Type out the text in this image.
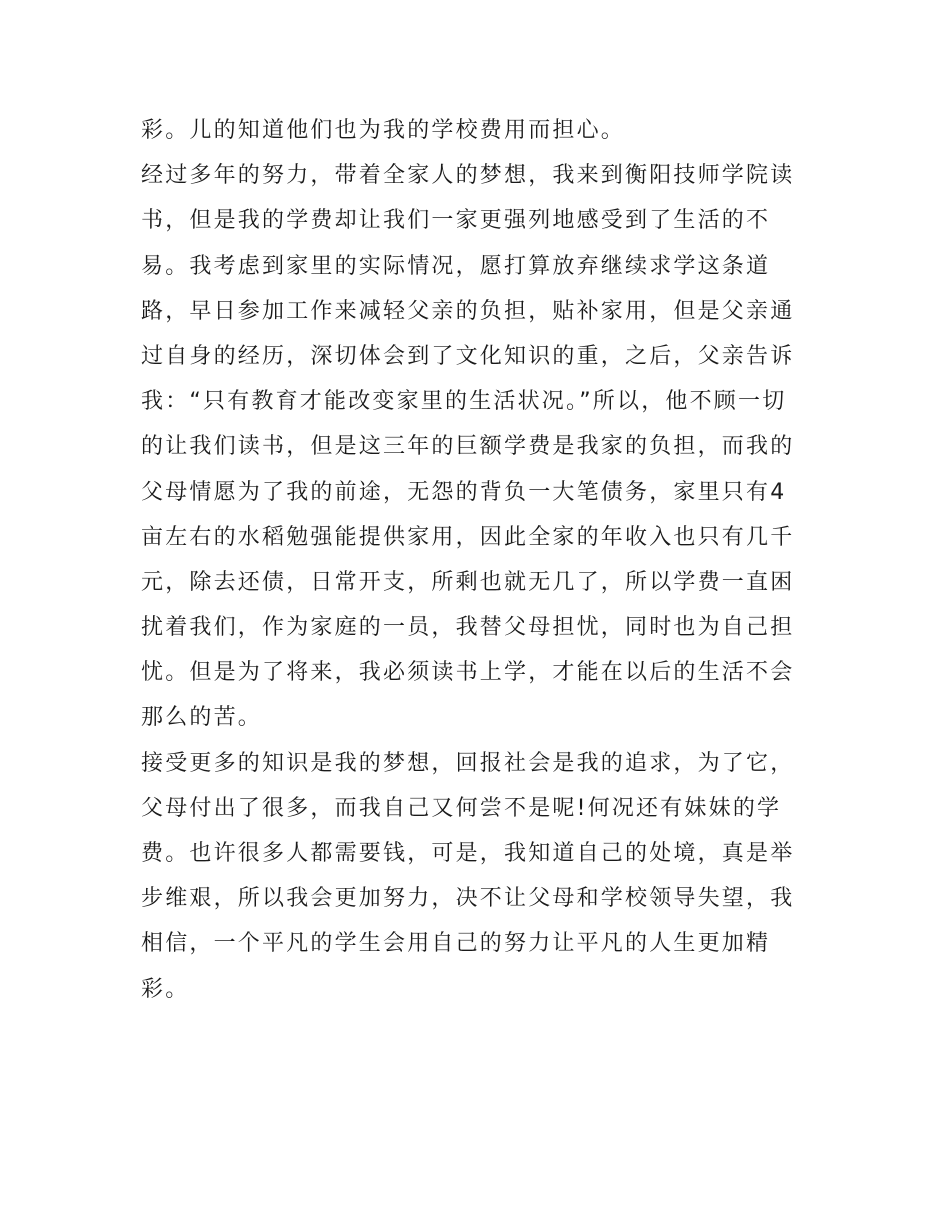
彩。儿的知道他们也为我的学校费用而担心。
经过多年的努力，带着全家人的梦想，我来到衡阳技师学院读
书，但是我的学费却让我们一家更强列地感受到了生活的不
易。我考虑到家里的实际情况，愿打算放弃继续求学这条道
路，早日参加工作来减轻父亲的负担，贴补家用，但是父亲通
过自身的经历，深切体会到了文化知识的重，之后，父亲告诉
我：“只有教育才能改变家里的生活状况。”所以，他不顾一切
的让我们读书，但是这三年的巨额学费是我家的负担，而我的
父母情愿为了我的前途，无怨的背负一大笔债务，家里只有4
亩左右的水稻勉强能提供家用，因此全家的年收入也只有几千
元，除去还债，日常开支，所剩也就无几了，所以学费一直困
扰着我们，作为家庭的一员，我替父母担忧，同时也为自己担
忧。但是为了将来，我必须读书上学，才能在以后的生活不会
那么的苦。
接受更多的知识是我的梦想，回报社会是我的追求，为了它，
父母付出了很多，而我自己又何尝不是呢!何况还有妹妹的学
费。也许很多人都需要钱，可是，我知道自己的处境，真是举
步维艰，所以我会更加努力，决不让父母和学校领导失望，我
相信，一个平凡的学生会用自己的努力让平凡的人生更加精
彩。
